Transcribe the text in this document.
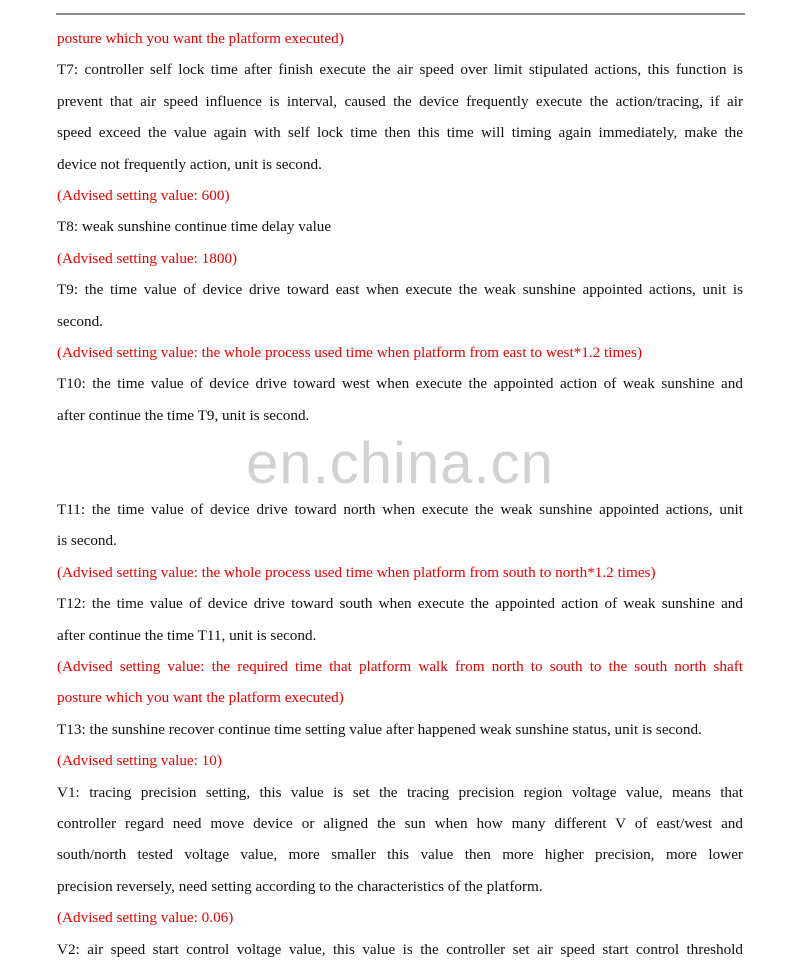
posture which you want the platform executed)
T7: controller self lock time after finish execute the air speed over limit stipulated actions, this function is
prevent that air speed influence is interval, caused the device frequently execute the action/tracing, if air
speed exceed the value again with self lock time then this time will timing again immediately, make the
device not frequently action, unit is second.
(Advised setting value: 600)
T8: weak sunshine continue time delay value
(Advised setting value: 1800)
T9: the time value of device drive toward east when execute the weak sunshine appointed actions, unit is
second.
(Advised setting value: the whole process used time when platform from east to west*1.2 times)
T10: the time value of device drive toward west when execute the appointed action of weak sunshine and
after continue the time T9, unit is second.
en.china.cn
T11: the time value of device drive toward north when execute the weak sunshine appointed actions, unit
is second.
(Advised setting value: the whole process used time when platform from south to north*1.2 times)
T12: the time value of device drive toward south when execute the appointed action of weak sunshine and
after continue the time T11, unit is second.
(Advised setting value: the required time that platform walk from north to south to the south north shaft
posture which you want the platform executed)
T13: the sunshine recover continue time setting value after happened weak sunshine status, unit is second.
(Advised setting value: 10)
V1: tracing precision setting, this value is set the tracing precision region voltage value, means that
controller regard need move device or aligned the sun when how many different V of east/west and
south/north tested voltage value, more smaller this value then more higher precision, more lower
precision reversely, need setting according to the characteristics of the platform.
(Advised setting value: 0.06)
V2: air speed start control voltage value, this value is the controller set air speed start control threshold
